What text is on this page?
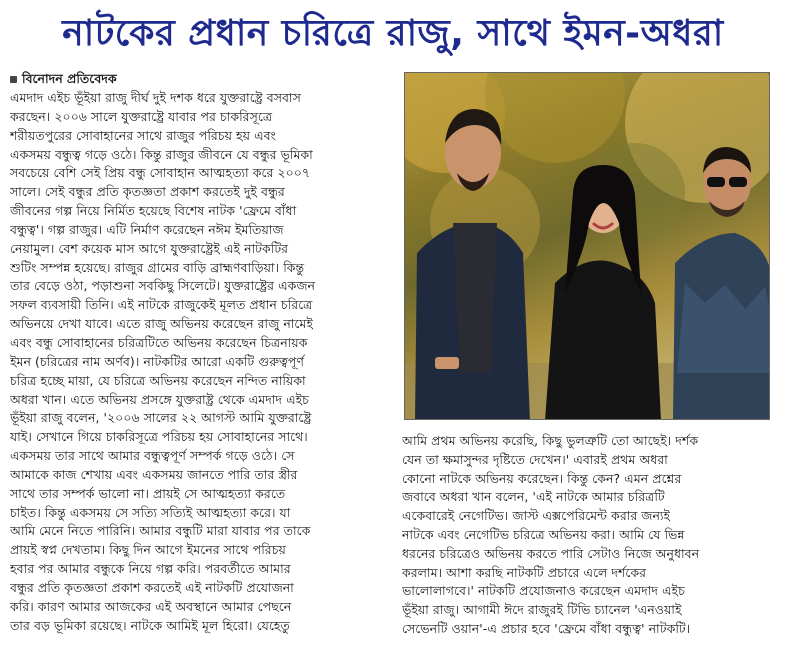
নাটকের প্রধান চরিত্রে রাজু, সাথে ইমন-অধরা
বিনোদন প্রতিবেদক
এমদাদ এইচ ভূঁইয়া রাজু দীর্ঘ দুই দশক ধরে যুক্তরাষ্ট্রে বসবাস
করছেন। ২০০৬ সালে যুক্তরাষ্ট্রে যাবার পর চাকরিসূত্রে
শরীয়তপুরের সোবাহানের সাথে রাজুর পরিচয় হয় এবং
একসময় বন্ধুত্ব গড়ে ওঠে। কিন্তু রাজুর জীবনে যে বন্ধুর ভূমিকা
সবচেয়ে বেশি সেই প্রিয় বন্ধু সোবাহান আত্মহত্যা করে ২০০৭
সালে। সেই বন্ধুর প্রতি কৃতজ্ঞতা প্রকাশ করতেই দুই বন্ধুর
জীবনের গল্প নিয়ে নির্মিত হয়েছে বিশেষ নাটক 'ফ্রেমে বাঁধা
বন্ধুত্ব'। গল্প রাজুর। এটি নির্মাণ করেছেন নঈম ইমতিয়াজ
নেয়ামুল। বেশ কয়েক মাস আগে যুক্তরাষ্ট্রেই এই নাটকটির
শুটিং সম্পন্ন হয়েছে। রাজুর গ্রামের বাড়ি ব্রাহ্মণবাড়িয়া। কিন্তু
তার বেড়ে ওঠা, পড়াশুনা সবকিছু সিলেটে। যুক্তরাষ্ট্রের একজন
সফল ব্যবসায়ী তিনি। এই নাটকে রাজুকেই মূলত প্রধান চরিত্রে
অভিনয়ে দেখা যাবে। এতে রাজু অভিনয় করেছেন রাজু নামেই
এবং বন্ধু সোবাহানের চরিত্রটিতে অভিনয় করেছেন চিত্রনায়ক
ইমন (চরিত্রের নাম অর্ণব)। নাটকটির আরো একটি গুরুত্বপূর্ণ
চরিত্র হচ্ছে মায়া, যে চরিত্রে অভিনয় করেছেন নন্দিত নায়িকা
অধরা খান। এতে অভিনয় প্রসঙ্গে যুক্তরাষ্ট্র থেকে এমদাদ এইচ
ভূঁইয়া রাজু বলেন, '২০০৬ সালের ২২ আগস্ট আমি যুক্তরাষ্ট্রে
যাই। সেখানে গিয়ে চাকরিসূত্রে পরিচয় হয় সোবাহানের সাথে।
একসময় তার সাথে আমার বন্ধুত্বপূর্ণ সম্পর্ক গড়ে ওঠে। সে
আমাকে কাজ শেখায় এবং একসময় জানতে পারি তার স্ত্রীর
সাথে তার সম্পর্ক ভালো না। প্রায়ই সে আত্মহত্যা করতে
চাইত। কিন্তু একসময় সে সত্যি সত্যিই আত্মহত্যা করে। যা
আমি মেনে নিতে পারিনি। আমার বন্ধুটি মারা যাবার পর তাকে
প্রায়ই স্বপ্ন দেখতাম। কিছু দিন আগে ইমনের সাথে পরিচয়
হবার পর আমার বন্ধুকে নিয়ে গল্প করি। পরবর্তীতে আমার
বন্ধুর প্রতি কৃতজ্ঞতা প্রকাশ করতেই এই নাটকটি প্রযোজনা
করি। কারণ আমার আজকের এই অবস্থানে আমার পেছনে
তার বড় ভূমিকা রয়েছে। নাটকে আমিই মূল হিরো। যেহেতু
আমি প্রথম অভিনয় করেছি, কিছু ভুলত্রুটি তো আছেই। দর্শক
যেন তা ক্ষমাসুন্দর দৃষ্টিতে দেখেন।' এবারই প্রথম অধরা
কোনো নাটকে অভিনয় করেছেন। কিন্তু কেন? এমন প্রশ্নের
জবাবে অধরা খান বলেন, 'এই নাটকে আমার চরিত্রটি
একেবারেই নেগেটিভ। জাস্ট এক্সপেরিমেন্ট করার জন্যই
নাটকে এবং নেগেটিভ চরিত্রে অভিনয় করা। আমি যে ভিন্ন
ধরনের চরিত্রেও অভিনয় করতে পারি সেটাও নিজে অনুধাবন
করলাম। আশা করছি নাটকটি প্রচারে এলে দর্শকের
ভালোলাগবে।' নাটকটি প্রযোজনাও করেছেন এমদাদ এইচ
ভূঁইয়া রাজু। আগামী ঈদে রাজুরই টিভি চ্যানেল 'এনওয়াই
সেভেনটি ওয়ান'-এ প্রচার হবে 'ফ্রেমে বাঁধা বন্ধুত্ব' নাটকটি।
